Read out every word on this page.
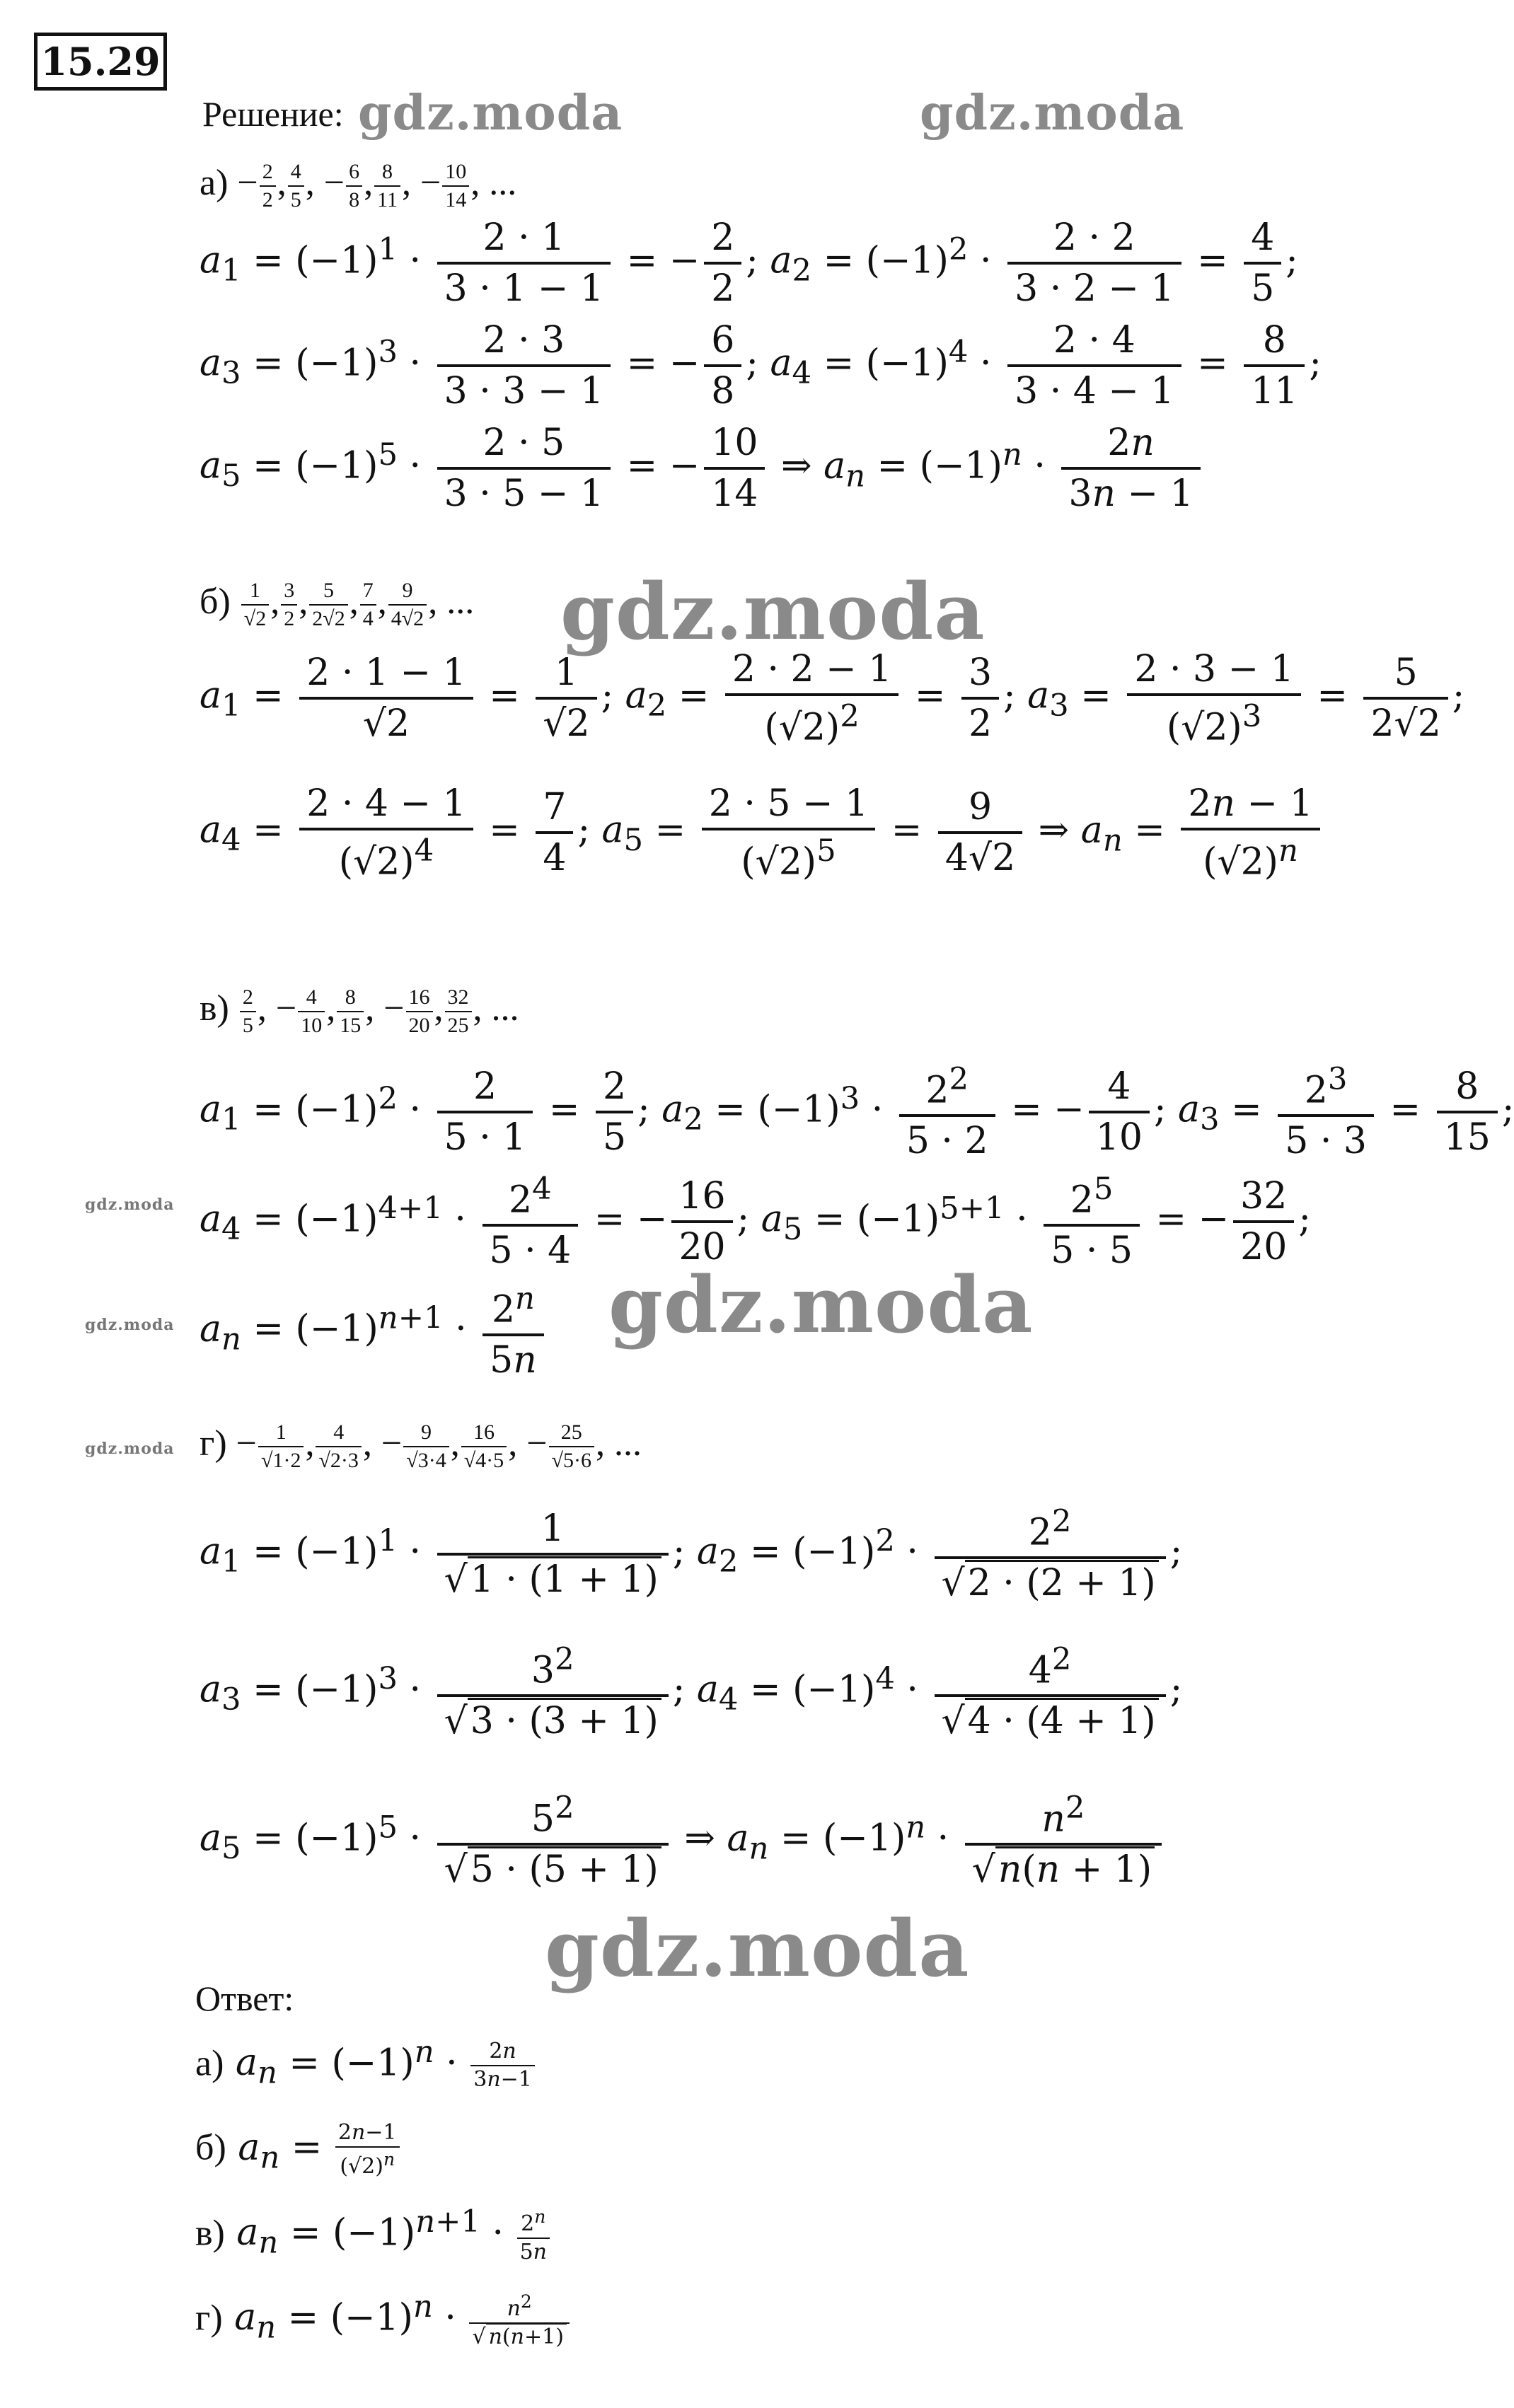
15.29
Решение: gdz.moda	gdz.moda
$а) - \frac{2}{2}$ , $\frac{4}{5}$ , − $\frac{6}{8}$ , $\frac{8}{11}$ , − $\frac{10}{14}$ , ...
$a_1 = (-1)^1 \cdot \frac{2 \cdot 1}{3 \cdot 1 - 1}$ = − $\frac{2}{2}$ ; $a_2 = (-1)^2 \cdot \frac{2 \cdot 2}{3 \cdot 2 - 1} = \frac{4}{5}$ ;
$a_3 = (-1)^3 \cdot \frac{2 \cdot 3}{3 \cdot 3 - 1}$ = − $\frac{6}{8}$ ; $a_4 = (-1)^4 \cdot \frac{2 \cdot 4}{3 \cdot 4 - 1} = \frac{8}{11}$ ;
$a_5 = (-1)^5 \cdot \frac{2 \cdot 5}{3 \cdot 5 - 1}$ = − $\frac{10}{14}$ ⇒ $a_n = (-1)^n \cdot \frac{2n}{3n - 1}$
$б) \frac{1}{√2}$ , $\frac{3}{2}$ , $\frac{5}{2√2}$ , $\frac{7}{4}$ , $\frac{9}{4√2}$ , ... gdz.moda
$a_1 = \frac{2 \cdot 1 - 1}{√2} = \frac{1}{√2}$ ; $a_2 = \frac{2 \cdot 2 - 1}{(√2)^2} = \frac{3}{2}$ ; $a_3 = \frac{2 \cdot 3 - 1}{(√2)^3} = \frac{5}{2√2}$ ;
$a_4 = \frac{2 \cdot 4 - 1}{(√2)^4} = \frac{7}{4}$ ; $a_5 = \frac{2 \cdot 5 - 1}{(√2)^5} = \frac{9}{4√2}$ ⇒ $a_n = \frac{2n - 1}{(√2)^n}$
$в) \frac{2}{5}$ , − $\frac{4}{10}$ , $\frac{8}{15}$ , − $\frac{16}{20}$ , $\frac{32}{25}$ , ...
$a_1 = (-1)^2 \cdot \frac{2}{5 \cdot 1} = \frac{2}{5}$ ; $a_2 = (-1)^3 \cdot \frac{2^2}{5 \cdot 2}$ = − $\frac{4}{10}$ ; $a_3 = \frac{2^3}{5 \cdot 3} = \frac{8}{15}$ ;
gdz.moda $a_4 = (-1)^{4+1} \cdot \frac{2^4}{5 \cdot 4}$ = − $\frac{16}{20}$ ; $a_5 = (-1)^{5+1} \cdot \frac{2^5}{5 \cdot 5}$ = − $\frac{32}{20}$ ;
gdz.moda $a_n = (-1)^{n+1} \cdot \frac{2^n}{5n}$ gdz.moda
gdz.moda $г) - \frac{1}{√1\cdot 2}$ , $\frac{4}{√2\cdot 3}$ , − $\frac{9}{√3\cdot 4}$ , $\frac{16}{√4\cdot 5}$ , − $\frac{25}{√5\cdot 6}$ , ...
$a_1 = (-1)^1 \cdot \frac{1}{√1 \cdot (1 + 1)}$ ; $a_2 = (-1)^2 \cdot \frac{2^2}{√2 \cdot (2 + 1)}$ ;
$a_3 = (-1)^3 \cdot \frac{3^2}{√3 \cdot (3 + 1)}$ ; $a_4 = (-1)^4 \cdot \frac{4^2}{√4 \cdot (4 + 1)}$ ;
$a_5 = (-1)^5 \cdot \frac{5^2}{√5 \cdot (5 + 1)}$ ⇒ $a_n = (-1)^n \cdot \frac{n^2}{√n(n + 1)}$
gdz.moda
Ответ:
а) $a_n = (-1)^n \cdot \frac{2n}{3n-1}$
б) $a_n = \frac{2n-1}{(√2)^n}$
в) $a_n = (-1)^{n+1} \cdot \frac{2^n}{5n}$
г) $a_n = (-1)^n \cdot \frac{n^2}{√ n(n+1)}$
